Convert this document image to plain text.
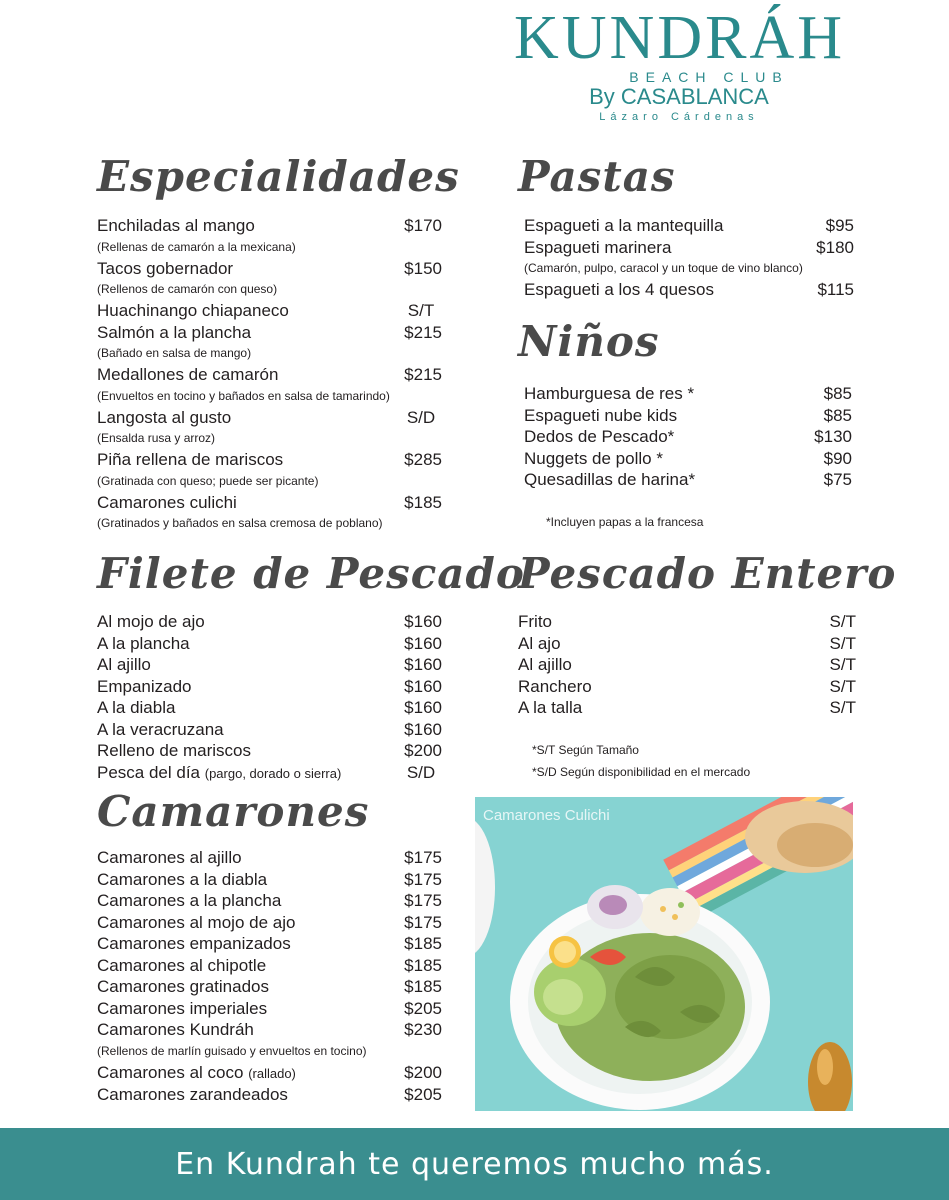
KUNDRÁH
BEACH CLUB
By CASABLANCA
Lázaro Cárdenas
Especialidades Pastas
Niños
Filete de Pescado
Pescado Entero
Camarones
Enchiladas al mango	$170
(Rellenas de camarón a la mexicana)
Tacos gobernador	$150
(Rellenos de camarón con queso)
Huachinango chiapaneco	S/T
Salmón a la plancha	$215
(Bañado en salsa de mango)
Medallones de camarón	$215
(Envueltos en tocino y bañados en salsa de tamarindo)
Langosta al gusto	S/D
(Ensalda rusa y arroz)
Piña rellena de mariscos	$285
(Gratinada con queso; puede ser picante)
Camarones culichi	$185
(Gratinados y bañados en salsa cremosa de poblano)
Espagueti a la mantequilla	$95
Espagueti marinera	$180
(Camarón, pulpo, caracol y un toque de vino blanco)
Espagueti a los 4 quesos	$115
Hamburguesa de res *	$85
Espagueti nube kids	$85
Dedos de Pescado*	$130
Nuggets de pollo *	$90
Quesadillas de harina*	$75
*Incluyen papas a la francesa
Al mojo de ajo	$160
A la plancha	$160
Al ajillo	$160
Empanizado	$160
A la diabla	$160
A la veracruzana	$160
Relleno de mariscos	$200
Pesca del día (pargo, dorado o sierra)	S/D
Frito	S/T
Al ajo	S/T
Al ajillo	S/T
Ranchero	S/T
A la talla	S/T
*S/T Según Tamaño
*S/D Según disponibilidad en el mercado
Camarones al ajillo	$175
Camarones a la diabla	$175
Camarones a la plancha	$175
Camarones al mojo de ajo	$175
Camarones empanizados	$185
Camarones al chipotle	$185
Camarones gratinados	$185
Camarones imperiales	$205
Camarones Kundráh	$230
(Rellenos de marlín guisado y envueltos en tocino)
Camarones al coco (rallado)	$200
Camarones zarandeados	$205
Camarones Culichi
En Kundrah te queremos mucho más.
